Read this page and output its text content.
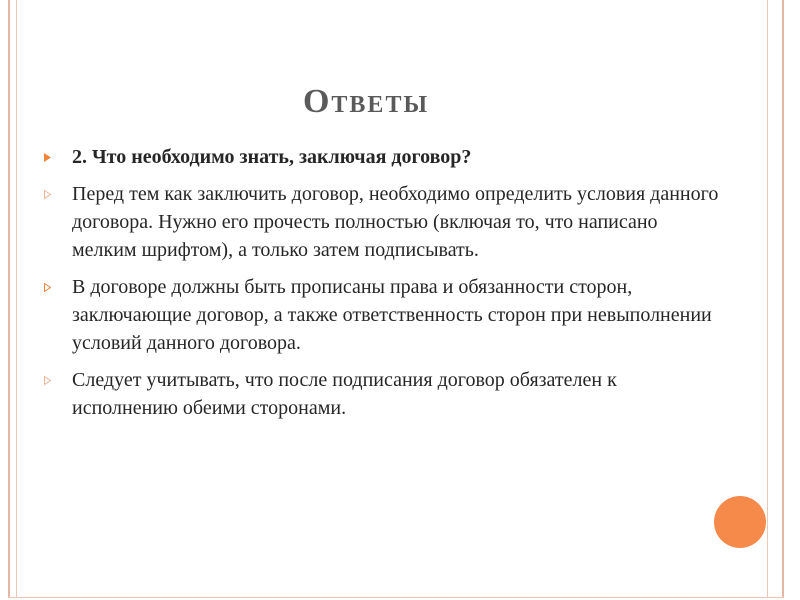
Ответы
2. Что необходимо знать, заключая договор?
Перед тем как заключить договор, необходимо определить условия данного договора. Нужно его прочесть полностью (включая то, что написано мелким шрифтом), а только затем подписывать.
В договоре должны быть прописаны права и обязанности сторон, заключающие договор, а также ответственность сторон при невыполнении условий данного договора.
Следует учитывать, что после подписания договор обязателен к исполнению обеими сторонами.
